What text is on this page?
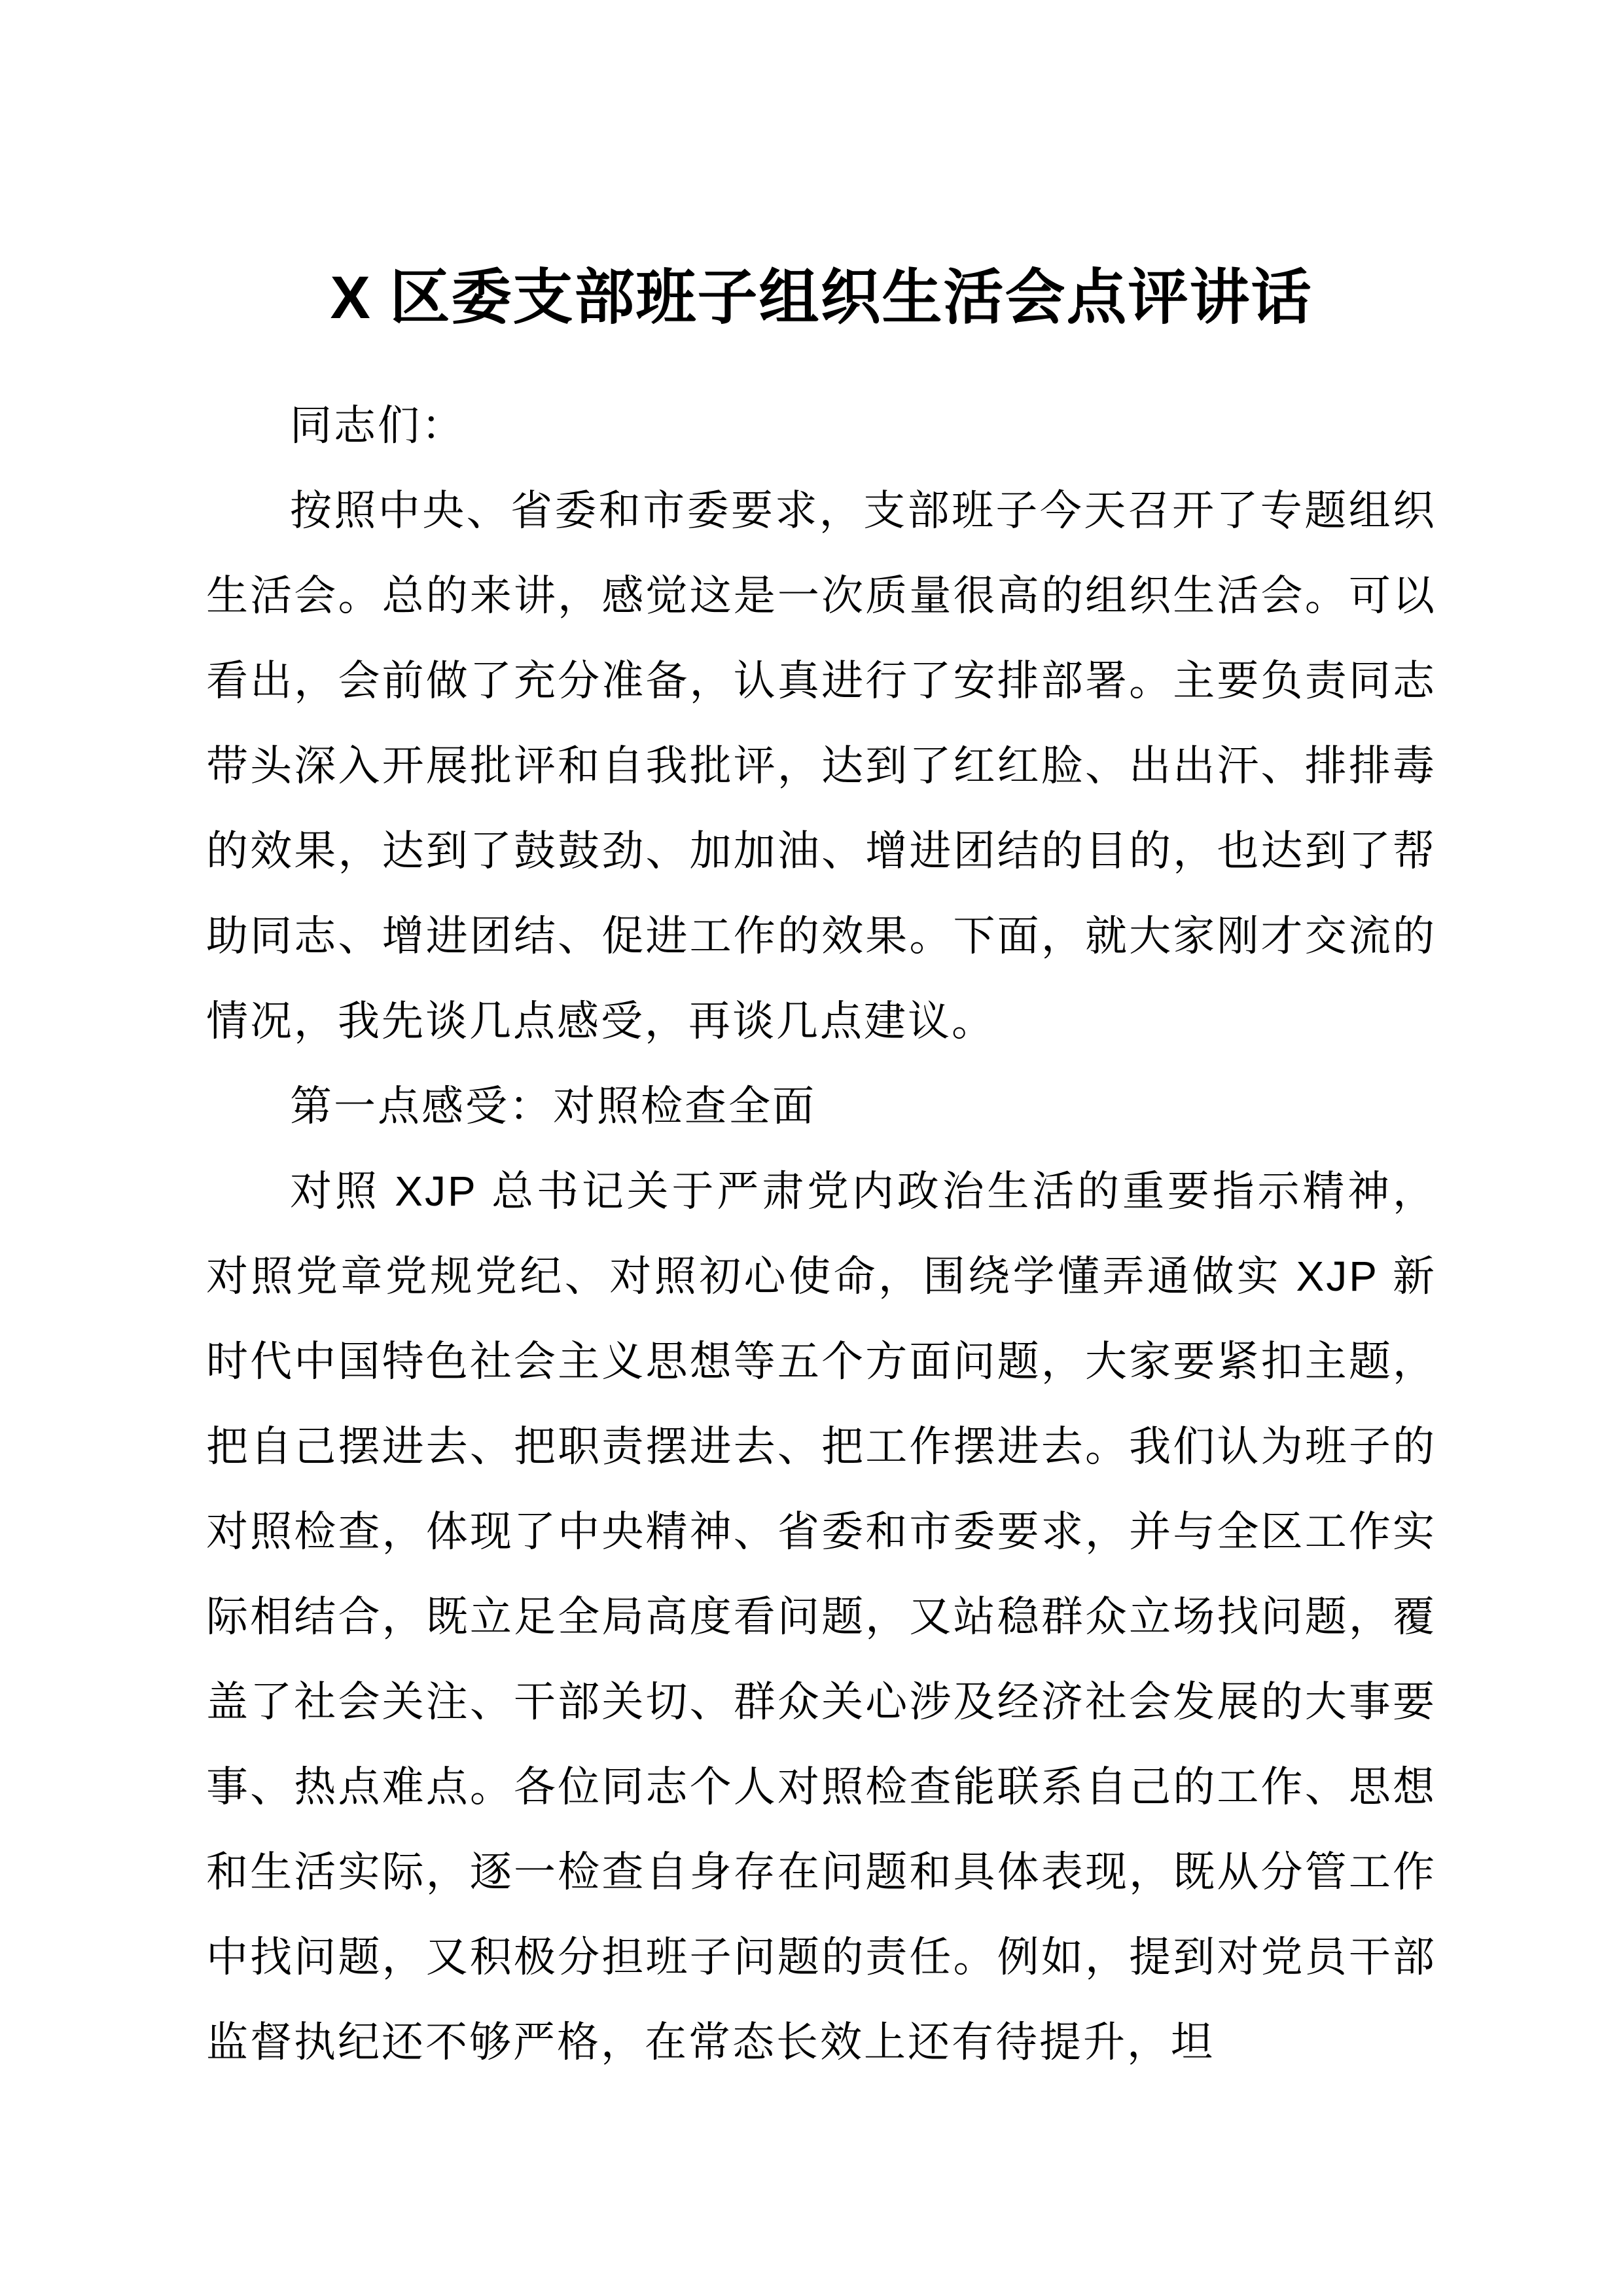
X 区委支部班子组织生活会点评讲话

同志们：

按照中央、省委和市委要求，支部班子今天召开了专题组织生活会。总的来讲，感觉这是一次质量很高的组织生活会。可以看出，会前做了充分准备，认真进行了安排部署。主要负责同志带头深入开展批评和自我批评，达到了红红脸、出出汗、排排毒的效果，达到了鼓鼓劲、加加油、增进团结的目的，也达到了帮助同志、增进团结、促进工作的效果。下面，就大家刚才交流的情况，我先谈几点感受，再谈几点建议。

第一点感受：对照检查全面

对照 XJP 总书记关于严肃党内政治生活的重要指示精神，对照党章党规党纪、对照初心使命，围绕学懂弄通做实 XJP 新时代中国特色社会主义思想等五个方面问题，大家要紧扣主题，把自己摆进去、把职责摆进去、把工作摆进去。我们认为班子的对照检查，体现了中央精神、省委和市委要求，并与全区工作实际相结合，既立足全局高度看问题，又站稳群众立场找问题，覆盖了社会关注、干部关切、群众关心涉及经济社会发展的大事要事、热点难点。各位同志个人对照检查能联系自己的工作、思想和生活实际，逐一检查自身存在问题和具体表现，既从分管工作中找问题，又积极分担班子问题的责任。例如，提到对党员干部监督执纪还不够严格，在常态长效上还有待提升，坦
